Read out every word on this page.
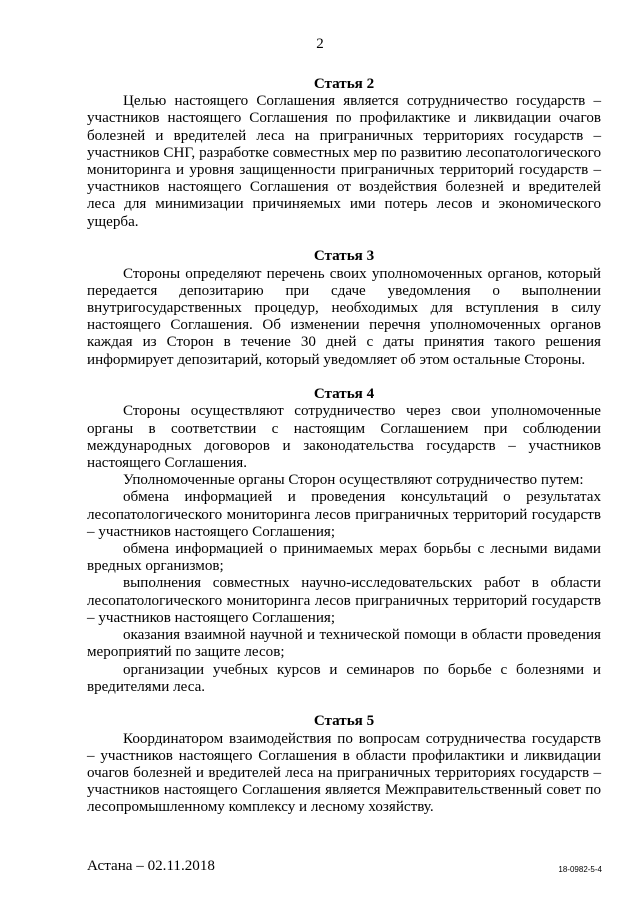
2
Статья 2

Целью настоящего Соглашения является сотрудничество государств – участников настоящего Соглашения по профилактике и ликвидации очагов болезней и вредителей леса на приграничных территориях государств – участников СНГ, разработке совместных мер по развитию лесопатологического мониторинга и уровня защищенности приграничных территорий государств – участников настоящего Соглашения от воздействия болезней и вредителей леса для минимизации причиняемых ими потерь лесов и экономического ущерба.

Статья 3

Стороны определяют перечень своих уполномоченных органов, который передается депозитарию при сдаче уведомления о выполнении внутригосударственных процедур, необходимых для вступления в силу настоящего Соглашения. Об изменении перечня уполномоченных органов каждая из Сторон в течение 30 дней с даты принятия такого решения информирует депозитарий, который уведомляет об этом остальные Стороны.

Статья 4

Стороны осуществляют сотрудничество через свои уполномоченные органы в соответствии с настоящим Соглашением при соблюдении международных договоров и законодательства государств – участников настоящего Соглашения.

Уполномоченные органы Сторон осуществляют сотрудничество путем:

обмена информацией и проведения консультаций о результатах лесопатологического мониторинга лесов приграничных территорий государств – участников настоящего Соглашения;

обмена информацией о принимаемых мерах борьбы с лесными видами вредных организмов;

выполнения совместных научно-исследовательских работ в области лесопатологического мониторинга лесов приграничных территорий государств – участников настоящего Соглашения;

оказания взаимной научной и технической помощи в области проведения мероприятий по защите лесов;

организации учебных курсов и семинаров по борьбе с болезнями и вредителями леса.

Статья 5

Координатором взаимодействия по вопросам сотрудничества государств – участников настоящего Соглашения в области профилактики и ликвидации очагов болезней и вредителей леса на приграничных территориях государств – участников настоящего Соглашения является Межправительственный совет по лесопромышленному комплексу и лесному хозяйству.

Астана – 02.11.2018	18-0982-5-4
